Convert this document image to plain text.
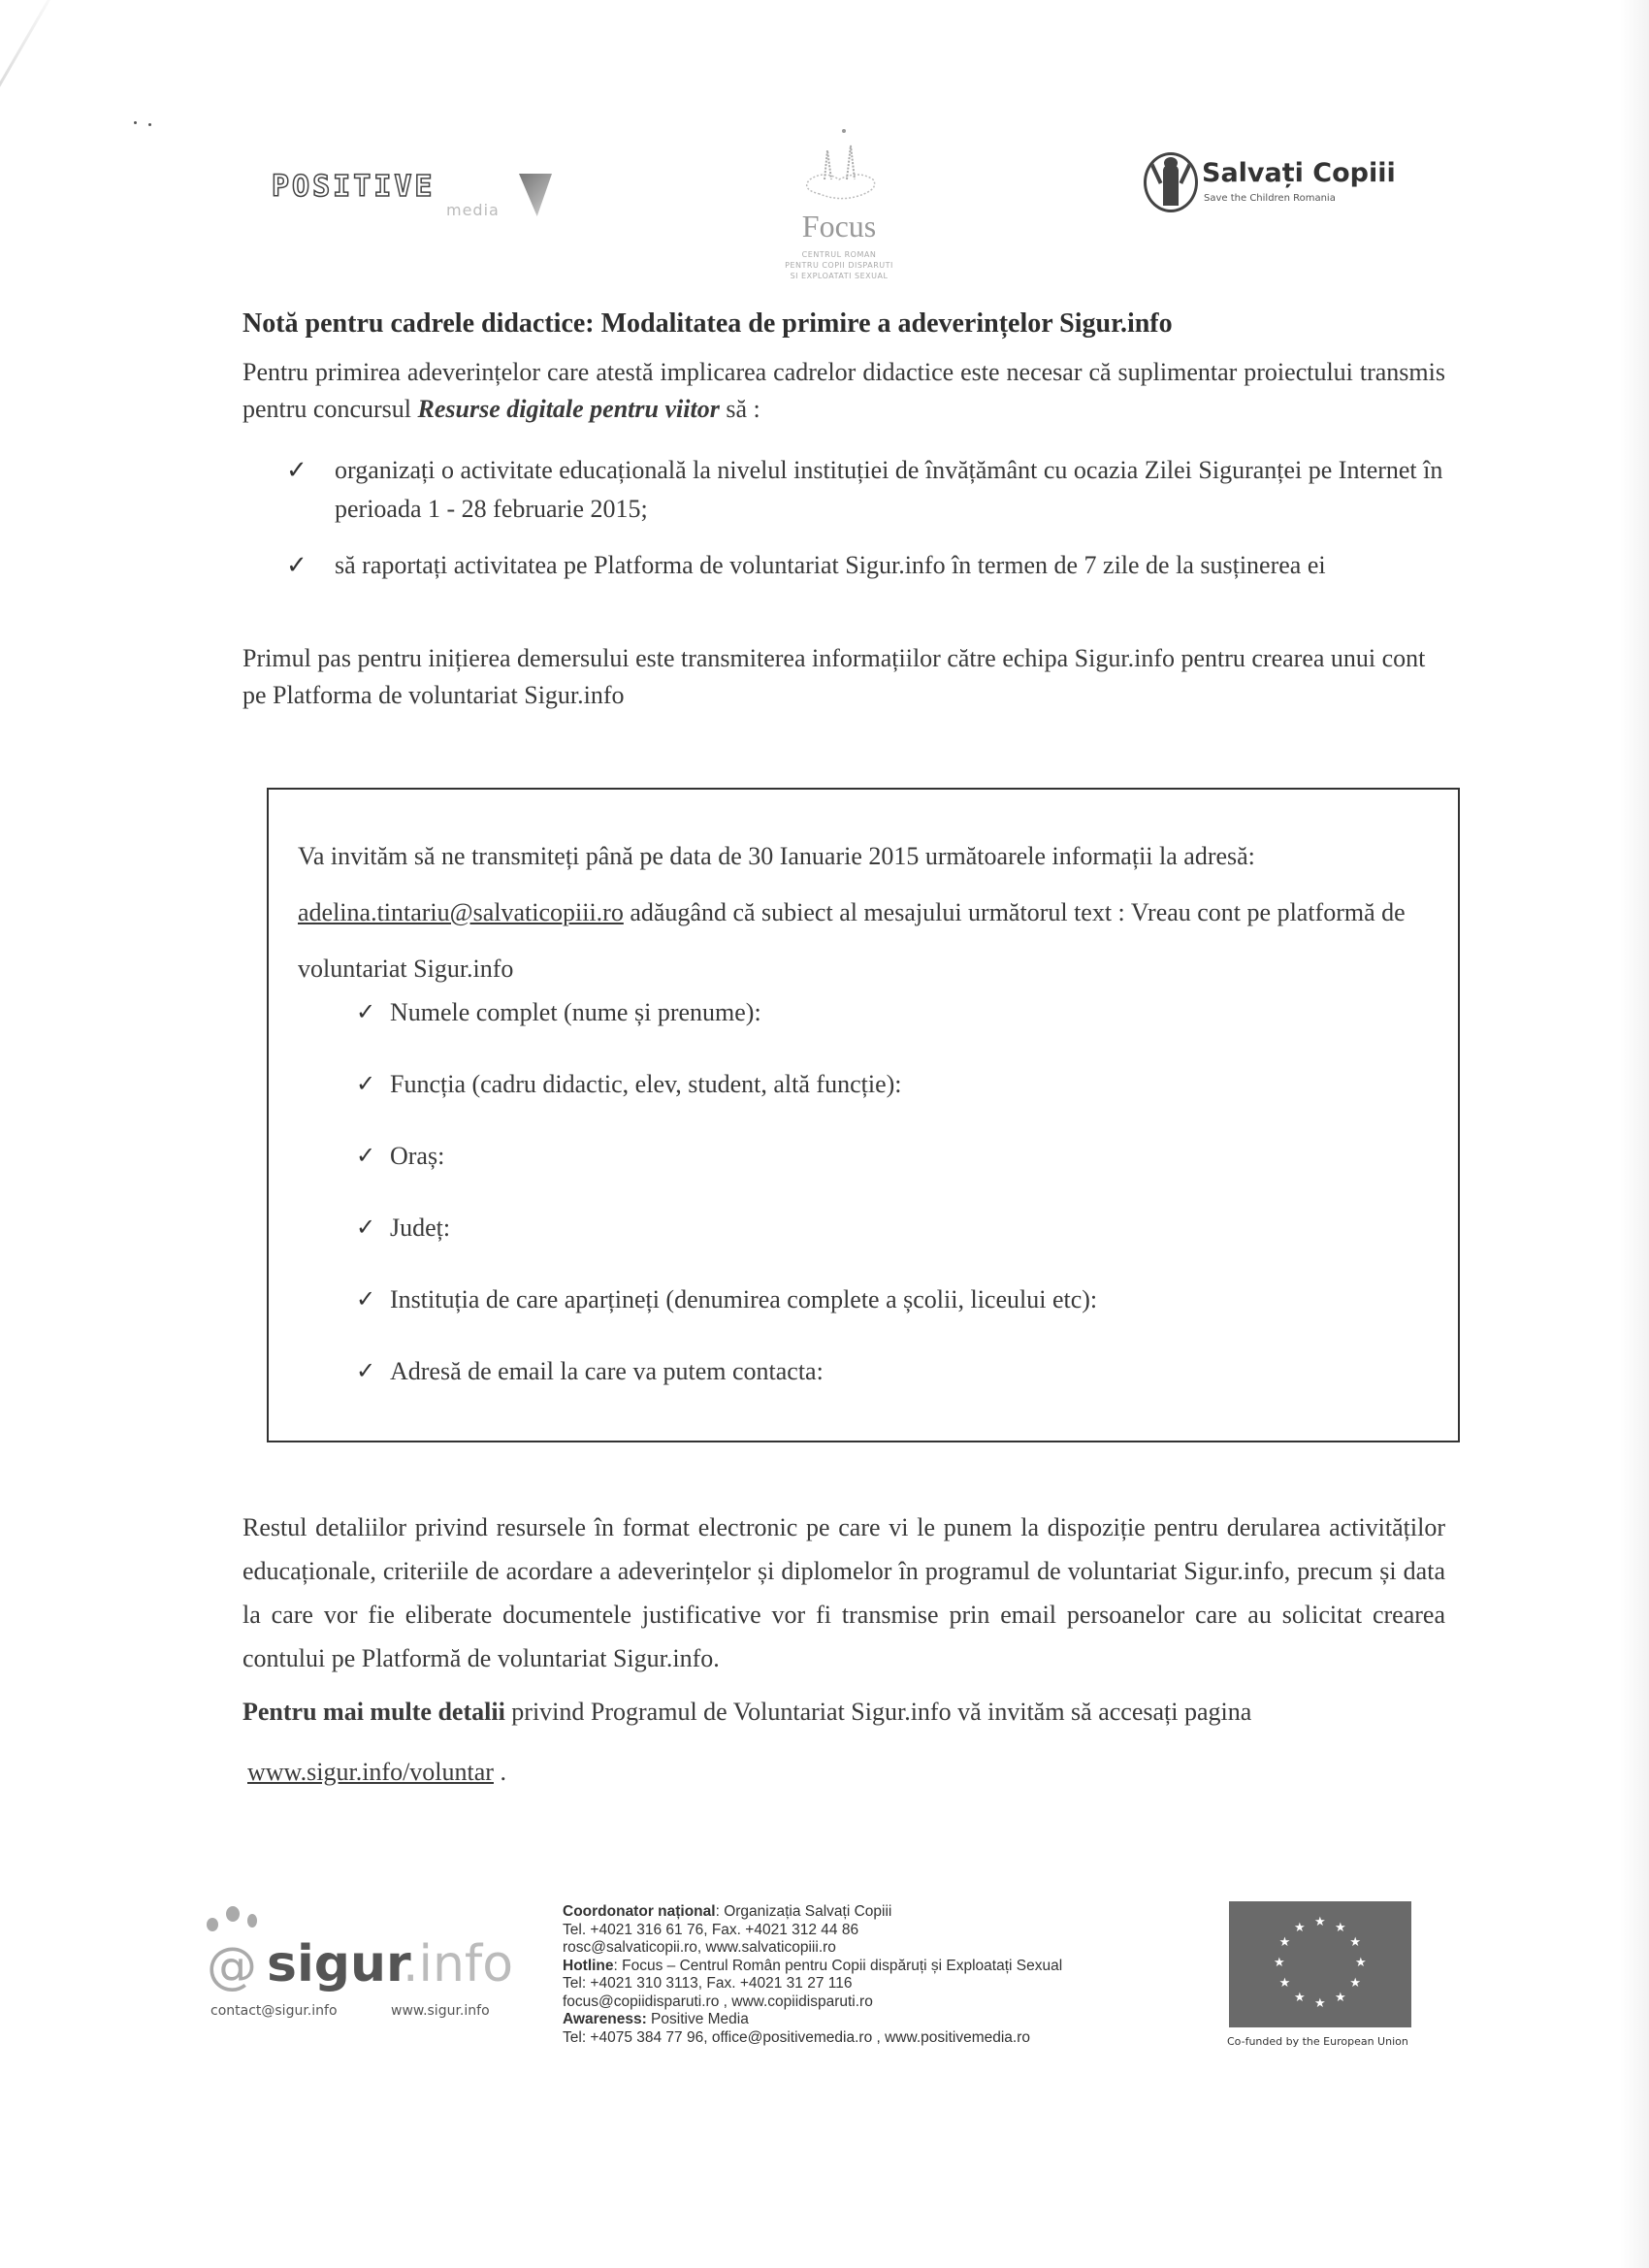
POSITIVE
media	Focus
CENTRUL ROMAN
PENTRU COPII DISPARUTI
SI EXPLOATATI SEXUAL
Salvați Copiii
Save the Children Romania
Notă pentru cadrele didactice: Modalitatea de primire a adeverințelor Sigur.info
Pentru primirea adeverințelor care atestă implicarea cadrelor didactice este necesar că suplimentar proiectului transmis pentru concursul Resurse digitale pentru viitor să :
✓ organizați o activitate educațională la nivelul instituției de învățământ cu ocazia Zilei Siguranței pe Internet în perioada 1 - 28 februarie 2015;
✓ să raportați activitatea pe Platforma de voluntariat Sigur.info în termen de 7 zile de la susținerea ei
Primul pas pentru inițierea demersului este transmiterea informațiilor către echipa Sigur.info pentru crearea unui cont pe Platforma de voluntariat Sigur.info
Va invităm să ne transmiteți până pe data de 30 Ianuarie 2015 următoarele informații la adresă:
adelina.tintariu@salvaticopiii.ro adăugând că subiect al mesajului următorul text : Vreau cont pe platformă de voluntariat Sigur.info
✓ Numele complet (nume și prenume):
✓ Funcția (cadru didactic, elev, student, altă funcție):
✓ Oraș:
✓ Județ:
✓ Instituția de care aparțineți (denumirea complete a școlii, liceului etc):
✓ Adresă de email la care va putem contacta:
Restul detaliilor privind resursele în format electronic pe care vi le punem la dispoziție pentru derularea activităților educaționale, criteriile de acordare a adeverințelor și diplomelor în programul de voluntariat Sigur.info, precum și data la care vor fie eliberate documentele justificative vor fi transmise prin email persoanelor care au solicitat crearea contului pe Platformă de voluntariat Sigur.info.
Pentru mai multe detalii privind Programul de Voluntariat Sigur.info vă invităm să accesați pagina
www.sigur.info/voluntar .
@ sigur
.info
contact@sigur.info	www.sigur.info
Coordonator național: Organizația Salvați Copiii
Tel. +4021 316 61 76, Fax. +4021 312 44 86
rosc@salvaticopii.ro, www.salvaticopiii.ro
Hotline: Focus – Centrul Român pentru Copii dispăruți și Exploatați Sexual
Tel: +4021 310 3113, Fax. +4021 31 27 116
focus@copiidisparuti.ro , www.copiidisparuti.ro
Awareness: Positive Media
Tel: +4075 384 77 96, office@positivemedia.ro , www.positivemedia.ro
★ ★
★
★
★
★
★
★
★
★
★
★
Co-funded by the European Union
